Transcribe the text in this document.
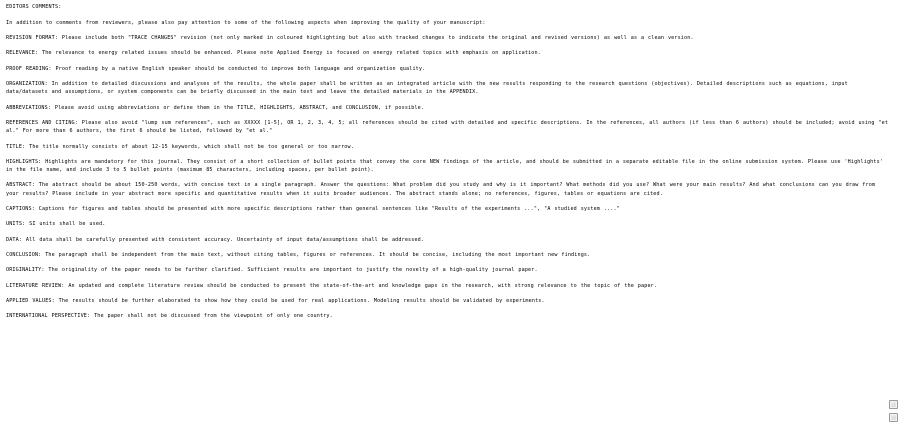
EDITORS COMMENTS:

In addition to comments from reviewers, please also pay attention to some of the following aspects when improving the quality of your manuscript:

REVISION FORMAT: Please include both "TRACE CHANGES" revision (not only marked in coloured highlighting but also with tracked changes to indicate the original and revised versions) as well as a clean version.

RELEVANCE: The relevance to energy related issues should be enhanced. Please note Applied Energy is focused on energy related topics with emphasis on application.

PROOF READING: Proof reading by a native English speaker should be conducted to improve both language and organization quality.

ORGANIZATION: In addition to detailed discussions and analyses of the results, the whole paper shall be written as an integrated article with the new results responding to the research questions (objectives). Detailed descriptions such as equations, input data/datasets and assumptions, or system components can be briefly discussed in the main text and leave the detailed materials in the APPENDIX.

ABBREVIATIONS: Please avoid using abbreviations or define them in the TITLE, HIGHLIGHTS, ABSTRACT, and CONCLUSION, if possible.

REFERENCES AND CITING: Please also avoid "lump sum references", such as XXXXX [1-5], OR 1, 2, 3, 4, 5; all references should be cited with detailed and specific descriptions. In the references, all authors (if less than 6 authors) should be included; avoid using "et al." For more than 6 authors, the first 6 should be listed, followed by "et al."

TITLE: The title normally consists of about 12-15 keywords, which shall not be too general or too narrow.

HIGHLIGHTS: Highlights are mandatory for this journal. They consist of a short collection of bullet points that convey the core NEW findings of the article, and should be submitted in a separate editable file in the online submission system. Please use 'Highlights' in the file name, and include 3 to 5 bullet points (maximum 85 characters, including spaces, per bullet point).

ABSTRACT: The abstract should be about 150-250 words, with concise text in a single paragraph. Answer the questions: What problem did you study and why is it important? What methods did you use? What were your main results? And what conclusions can you draw from your results? Please include in your abstract more specific and quantitative results when it suits broader audiences. The abstract stands alone; no references, figures, tables or equations are cited.

CAPTIONS: Captions for figures and tables should be presented with more specific descriptions rather than general sentences like "Results of the experiments ...", "A studied system ...."

UNITS: SI units shall be used.

DATA: All data shall be carefully presented with consistent accuracy. Uncertainty of input data/assumptions shall be addressed.

CONCLUSION: The paragraph shall be independent from the main text, without citing tables, figures or references. It should be concise, including the most important new findings.

ORIGINALITY: The originality of the paper needs to be further clarified. Sufficient results are important to justify the novelty of a high-quality journal paper.

LITERATURE REVIEW: An updated and complete literature review should be conducted to present the state-of-the-art and knowledge gaps in the research, with strong relevance to the topic of the paper.

APPLIED VALUES: The results should be further elaborated to show how they could be used for real applications. Modeling results should be validated by experiments.

INTERNATIONAL PERSPECTIVE: The paper shall not be discussed from the viewpoint of only one country.

⬜
⬜
